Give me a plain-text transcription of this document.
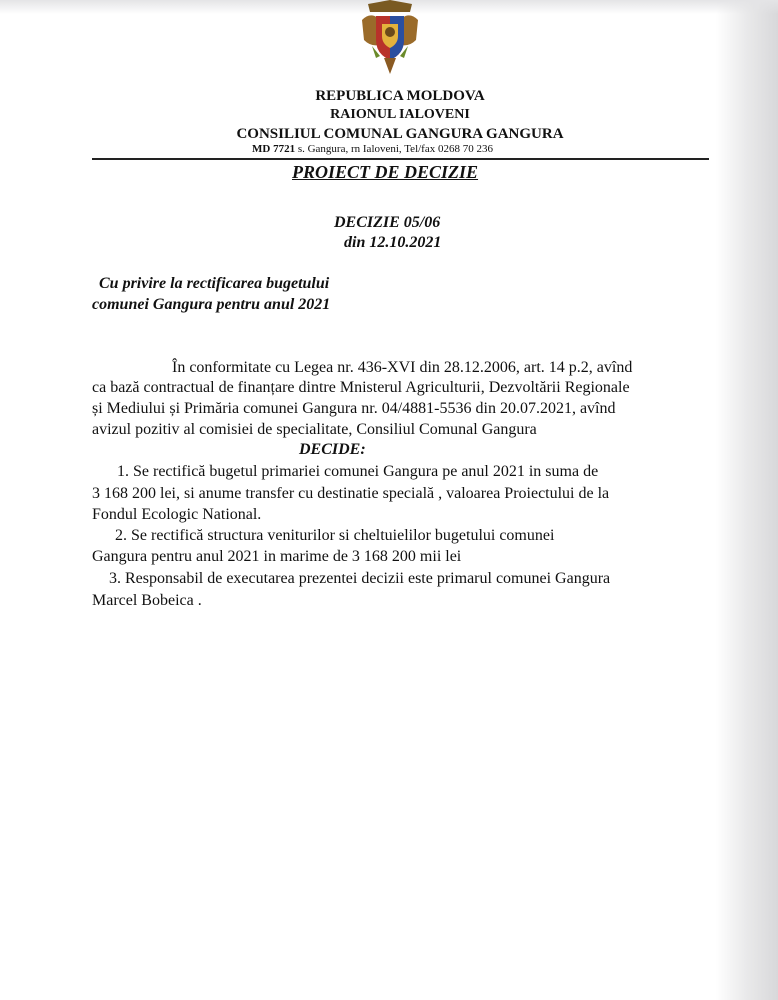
REPUBLICA MOLDOVA
RAIONUL IALOVENI
CONSILIUL COMUNAL GANGURA GANGURA
MD 7721 s. Gangura, rn Ialoveni, Tel/fax 0268 70 236
PROIECT DE DECIZIE
DECIZIE 05/06
din 12.10.2021
Cu privire la rectificarea bugetului
comunei Gangura pentru anul 2021
În conformitate cu Legea nr. 436-XVI din 28.12.2006, art. 14 p.2, avînd
ca bază contractual de finanțare dintre Mnisterul Agriculturii, Dezvoltării Regionale
și Mediului și Primăria comunei Gangura nr. 04/4881-5536 din 20.07.2021, avînd
avizul pozitiv al comisiei de specialitate, Consiliul Comunal Gangura
DECIDE:
1. Se rectifică bugetul primariei comunei Gangura pe anul 2021 in suma de
3 168 200 lei, si anume transfer cu destinatie specială , valoarea Proiectului de la
Fondul Ecologic National.
2. Se rectifică structura veniturilor si cheltuielilor bugetului comunei
Gangura pentru anul 2021 in marime de 3 168 200 mii lei
3. Responsabil de executarea prezentei decizii este primarul comunei Gangura
Marcel Bobeica .
